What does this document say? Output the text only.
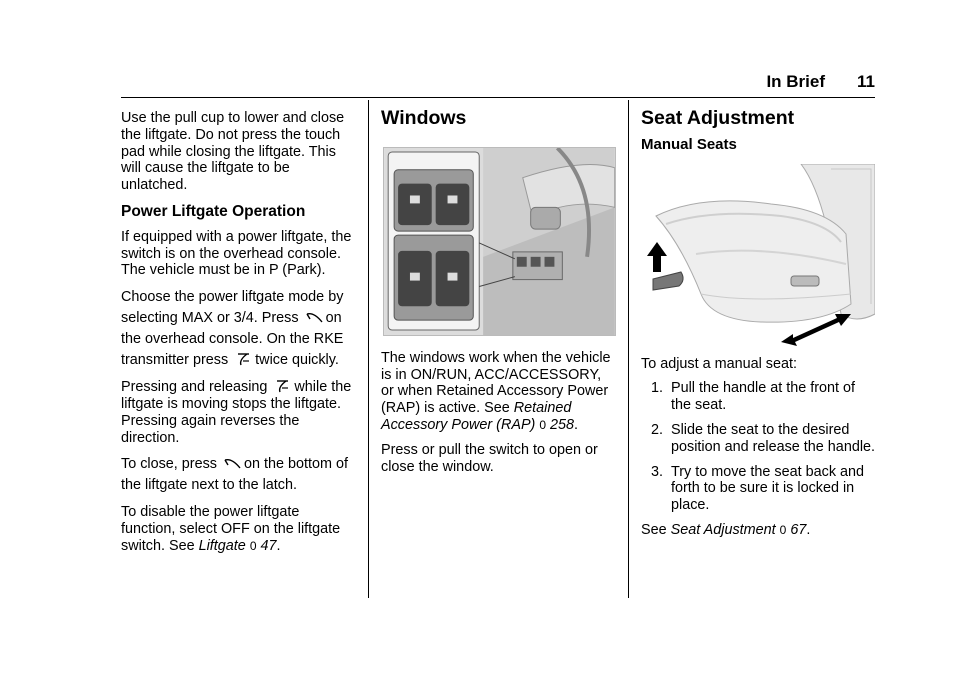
In Brief 11

Use the pull cup to lower and close the liftgate. Do not press the touch pad while closing the liftgate. This will cause the liftgate to be unlatched.

Power Liftgate Operation

If equipped with a power liftgate, the switch is on the overhead console. The vehicle must be in P (Park).

Choose the power liftgate mode by selecting MAX or 3/4. Press on the overhead console. On the RKE transmitter press twice quickly.

Pressing and releasing while the liftgate is moving stops the liftgate. Pressing again reverses the direction.

To close, press on the bottom of the liftgate next to the latch.

To disable the power liftgate function, select OFF on the liftgate switch. See Liftgate 0 47.

Windows

The windows work when the vehicle is in ON/RUN, ACC/ACCESSORY, or when Retained Accessory Power (RAP) is active. See Retained Accessory Power (RAP) 0 258.

Press or pull the switch to open or close the window.

Seat Adjustment
Manual Seats

To adjust a manual seat:

1. Pull the handle at the front of the seat.
2. Slide the seat to the desired position and release the handle.
3. Try to move the seat back and forth to be sure it is locked in place.

See Seat Adjustment 0 67.
